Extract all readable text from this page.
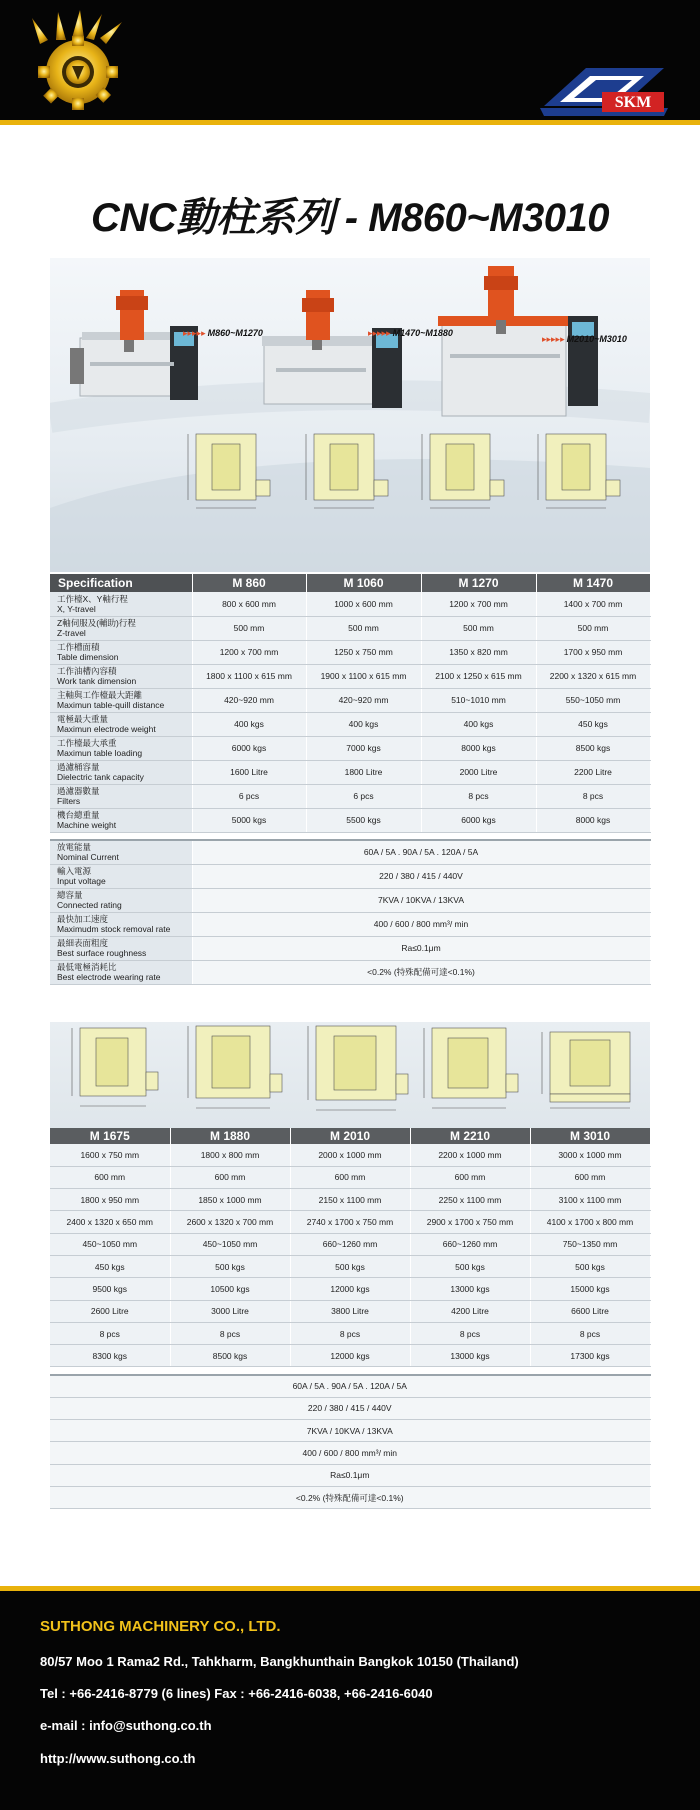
SKM
CNC動柱系列 - M860~M3010
▸▸▸▸▸ M860~M1270	▸▸▸▸▸ M1470~M1880
▸▸▸▸▸ M2010~M3010
Specification	M 860	M 1060	M 1270	M 1470

工作檯X、Y軸行程
X, Y-travel	800 x 600 mm	1000 x 600 mm	1200 x 700 mm	1400 x 700 mm

Z軸伺服及(輔助)行程
Z-travel	500 mm	500 mm	500 mm	500 mm

工作槽面積
Table dimension	1200 x 700 mm	1250 x 750 mm	1350 x 820 mm	1700 x 950 mm

工作油槽內容積
Work tank dimension	1800 x 1100 x 615 mm	1900 x 1100 x 615 mm	2100 x 1250 x 615 mm	2200 x 1320 x 615 mm

主軸與工作檯最大距離
Maximun table-quill distance	420~920 mm	420~920 mm	510~1010 mm	550~1050 mm

電極最大重量
Maximun electrode weight	400 kgs	400 kgs	400 kgs	450 kgs

工作檯最大承重
Maximun table loading	6000 kgs	7000 kgs	8000 kgs	8500 kgs

過濾桶容量
Dielectric tank capacity	1600 Litre	1800 Litre	2000 Litre	2200 Litre

過濾器數量
Filters	6 pcs	6 pcs	8 pcs	8 pcs

機台總重量
Machine weight	5000 kgs	5500 kgs	6000 kgs	8000 kgs

放電能量
Nominal Current	60A / 5A . 90A / 5A . 120A / 5A			

輸入電源
Input voltage	220 / 380 / 415 / 440V			

總容量
Connected rating	7KVA / 10KVA / 13KVA			

最快加工速度
Maximudm stock removal rate	400 / 600 / 800 mm³/ min			

最細表面粗度
Best surface roughness	Ra≤0.1μm			

最低電極消耗比
Best electrode wearing rate	<0.2% (特殊配備可達<0.1%)			
M 1675	M 1880	M 2010	M 2210	M 3010
1600 x 750 mm	1800 x 800 mm	2000 x 1000 mm	2200 x 1000 mm	3000 x 1000 mm
600 mm	600 mm	600 mm	600 mm	600 mm
1800 x 950 mm	1850 x 1000 mm	2150 x 1100 mm	2250 x 1100 mm	3100 x 1100 mm
2400 x 1320 x 650 mm	2600 x 1320 x 700 mm	2740 x 1700 x 750 mm	2900 x 1700 x 750 mm	4100 x 1700 x 800 mm
450~1050 mm	450~1050 mm	660~1260 mm	660~1260 mm	750~1350 mm
450 kgs	500 kgs	500 kgs	500 kgs	500 kgs
9500 kgs	10500 kgs	12000 kgs	13000 kgs	15000 kgs
2600 Litre	3000 Litre	3800 Litre	4200 Litre	6600 Litre
8 pcs	8 pcs	8 pcs	8 pcs	8 pcs
8300 kgs	8500 kgs	12000 kgs	13000 kgs	17300 kgs

60A / 5A . 90A / 5A . 120A / 5A				
220 / 380 / 415 / 440V				
7KVA / 10KVA / 13KVA				
400 / 600 / 800 mm³/ min				
Ra≤0.1μm				
<0.2% (特殊配備可達<0.1%)				
SUTHONG MACHINERY CO., LTD.
80/57 Moo 1 Rama2 Rd., Tahkharm, Bangkhunthain Bangkok 10150 (Thailand)
Tel : +66-2416-8779 (6 lines) Fax : +66-2416-6038, +66-2416-6040
e-mail : info@suthong.co.th
http://www.suthong.co.th
